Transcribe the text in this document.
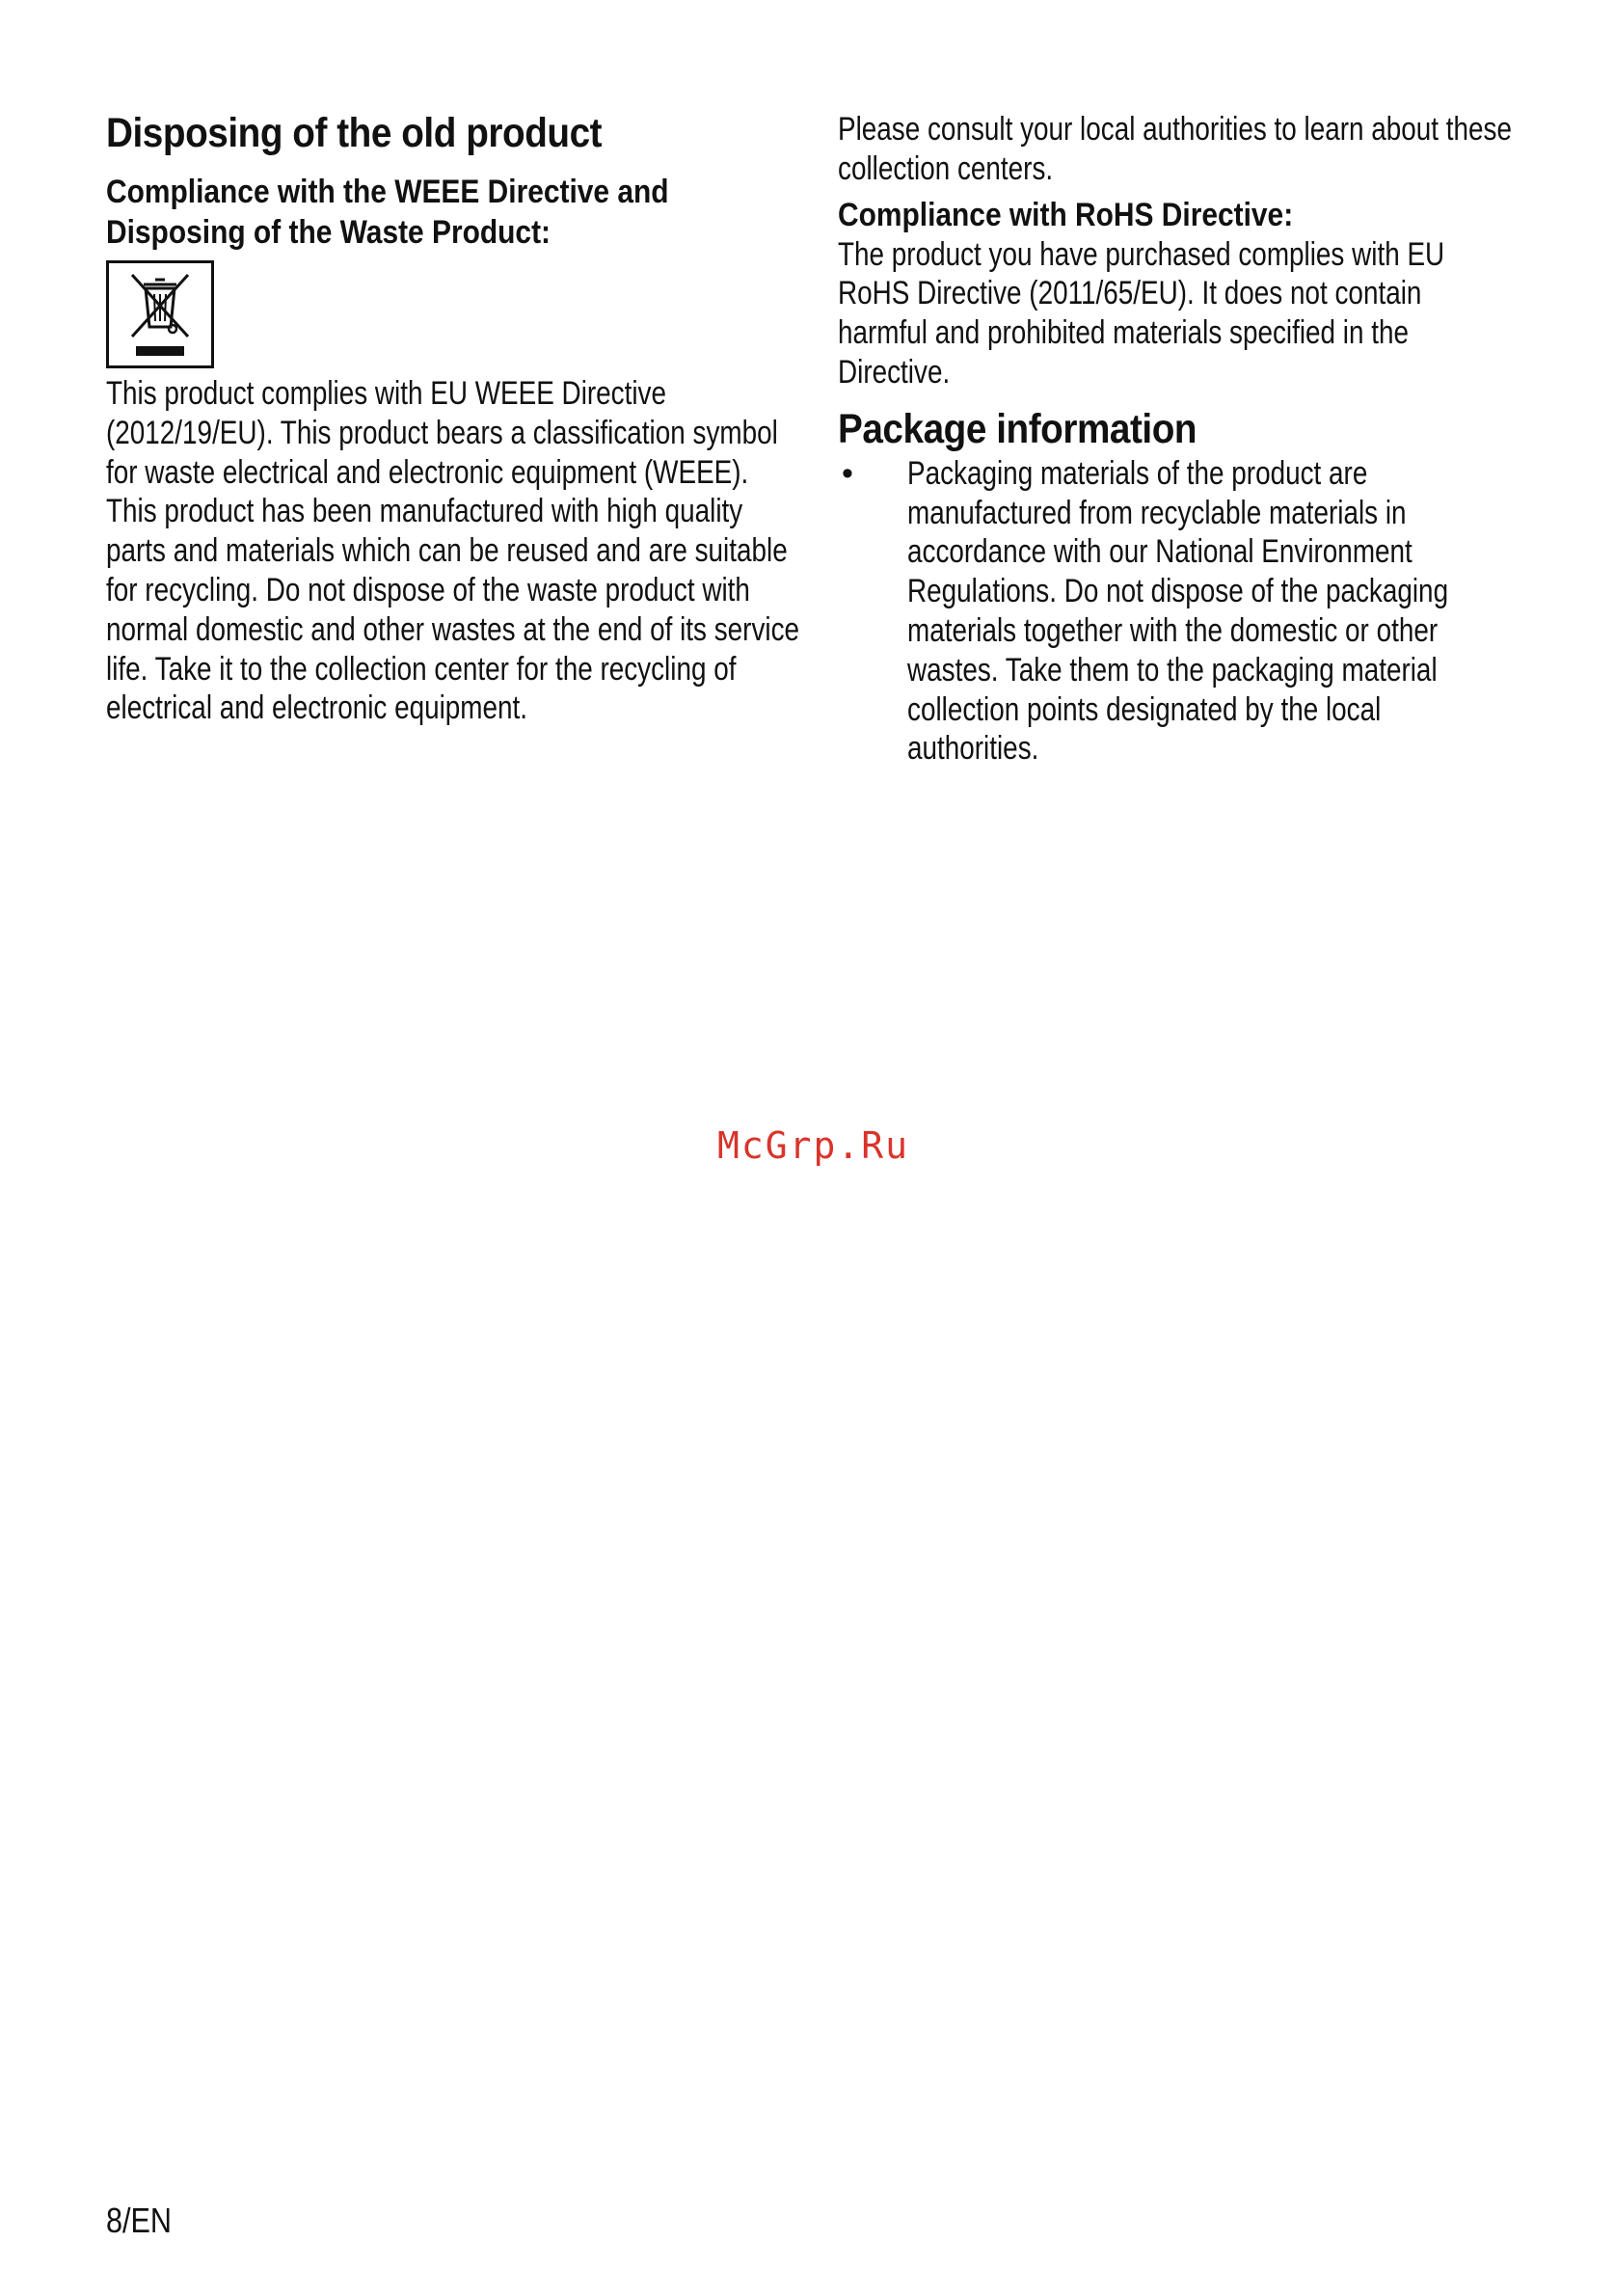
Disposing of the old product
Compliance with the WEEE Directive and
Disposing of the Waste Product:

This product complies with EU WEEE Directive (2012/19/EU). This product bears a classification symbol for waste electrical and electronic equipment (WEEE).

This product has been manufactured with high quality parts and materials which can be reused and are suitable for recycling. Do not dispose of the waste product with normal domestic and other wastes at the end of its service life. Take it to the collection center for the recycling of electrical and electronic equipment.

Please consult your local authorities to learn about these collection centers.

Compliance with RoHS Directive:

The product you have purchased complies with EU RoHS Directive (2011/65/EU). It does not contain harmful and prohibited materials specified in the Directive.

Package information
• Packaging materials of the product are manufactured from recyclable materials in accordance with our National Environment Regulations. Do not dispose of the packaging materials together with the domestic or other wastes. Take them to the packaging material collection points designated by the local authorities.

McGrp.Ru
8/EN
